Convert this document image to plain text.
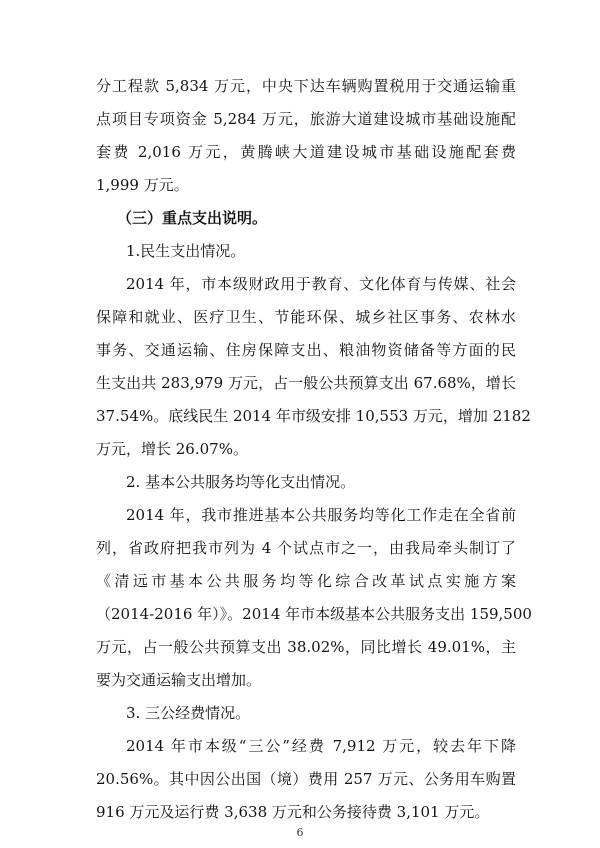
分工程款 5,834 万元，中央下达车辆购置税用于交通运输重
点项目专项资金 5,284 万元，旅游大道建设城市基础设施配
套费 2,016 万元，黄腾峡大道建设城市基础设施配套费
1,999 万元。
（三）重点支出说明。
1.民生支出情况。
2014 年，市本级财政用于教育、文化体育与传媒、社会
保障和就业、医疗卫生、节能环保、城乡社区事务、农林水
事务、交通运输、住房保障支出、粮油物资储备等方面的民
生支出共 283,979 万元，占一般公共预算支出 67.68%，增长
37.54%。底线民生 2014 年市级安排 10,553 万元，增加 2182
万元，增长 26.07%。
2. 基本公共服务均等化支出情况。
2014 年，我市推进基本公共服务均等化工作走在全省前
列，省政府把我市列为 4 个试点市之一，由我局牵头制订了
《清远市基本公共服务均等化综合改革试点实施方案
（2014-2016 年）》。2014 年市本级基本公共服务支出 159,500
万元，占一般公共预算支出 38.02%，同比增长 49.01%，主
要为交通运输支出增加。
3. 三公经费情况。
2014 年市本级“三公”经费 7,912 万元，较去年下降
20.56%。其中因公出国（境）费用 257 万元、公务用车购置
916 万元及运行费 3,638 万元和公务接待费 3,101 万元。
6
